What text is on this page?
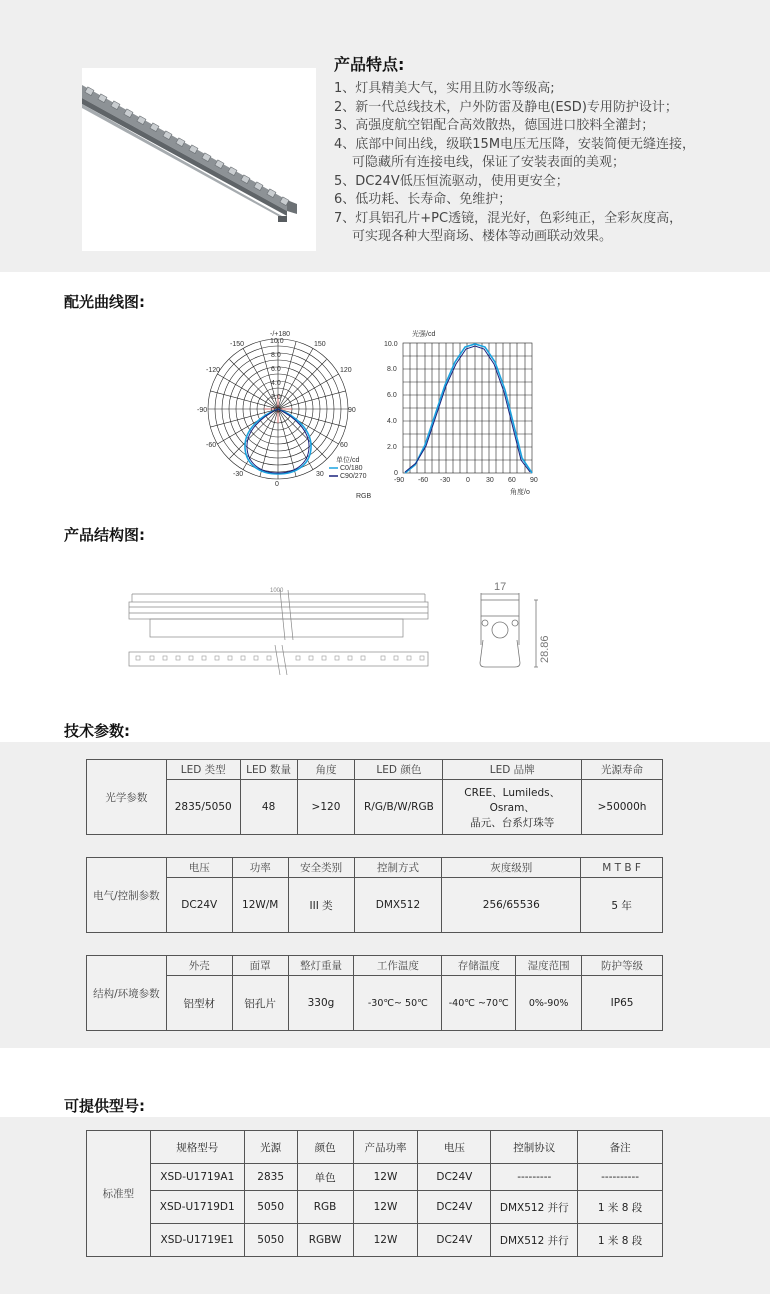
产品特点:
1、灯具精美大气，实用且防水等级高;
2、新一代总线技术，户外防雷及静电(ESD)专用防护设计；
3、高强度航空铝配合高效散热，德国进口胶料全灌封；
4、底部中间出线，级联15M电压无压降，安装简便无缝连接，
可隐藏所有连接电线，保证了安装表面的美观；
5、DC24V低压恒流驱动，使用更安全；
6、低功耗、长寿命、免维护；
7、灯具铝孔片+PC透镜，混光好，色彩纯正，全彩灰度高，
可实现各种大型商场、楼体等动画联动效果。
配光曲线图:
-/+180
-150	150
-120	120
-90	90
-60	60
-30	30
0
10.0
8.0
6.0
4.0
2.0
0.0
单位/cd
C0/180
C90/270
RGB
光强/cd
10.0
8.0
6.0
4.0
2.0
0
-90 -60 -30 0 30 60 90
角度/o
产品结构图:
1000	17
28.86
技术参数:
光学参数	LED 类型	LED 数量	角度	LED 颜色	LED 品牌	光源寿命
	2835/5050	48	>120	R/G/B/W/RGB	CREE、Lumileds、Osram、
晶元、台系灯珠等	>50000h
电气/控制参数	电压	功率	安全类别	控制方式	灰度级别	M T B F
	DC24V	12W/M	III 类	DMX512	256/65536	5 年
结构/环境参数	外壳	面罩	整灯重量	工作温度	存储温度	湿度范围	防护等级
	铝型材	铝孔片	330g	-30℃~ 50℃	-40℃ ~70℃	0%-90%	IP65
可提供型号:
标准型	规格型号	光源	颜色	产品功率	电压	控制协议	备注
	XSD-U1719A1	2835	单色	12W	DC24V	---------	----------
	XSD-U1719D1	5050	RGB	12W	DC24V	DMX512 并行	1 米 8 段
	XSD-U1719E1	5050	RGBW	12W	DC24V	DMX512 并行	1 米 8 段
